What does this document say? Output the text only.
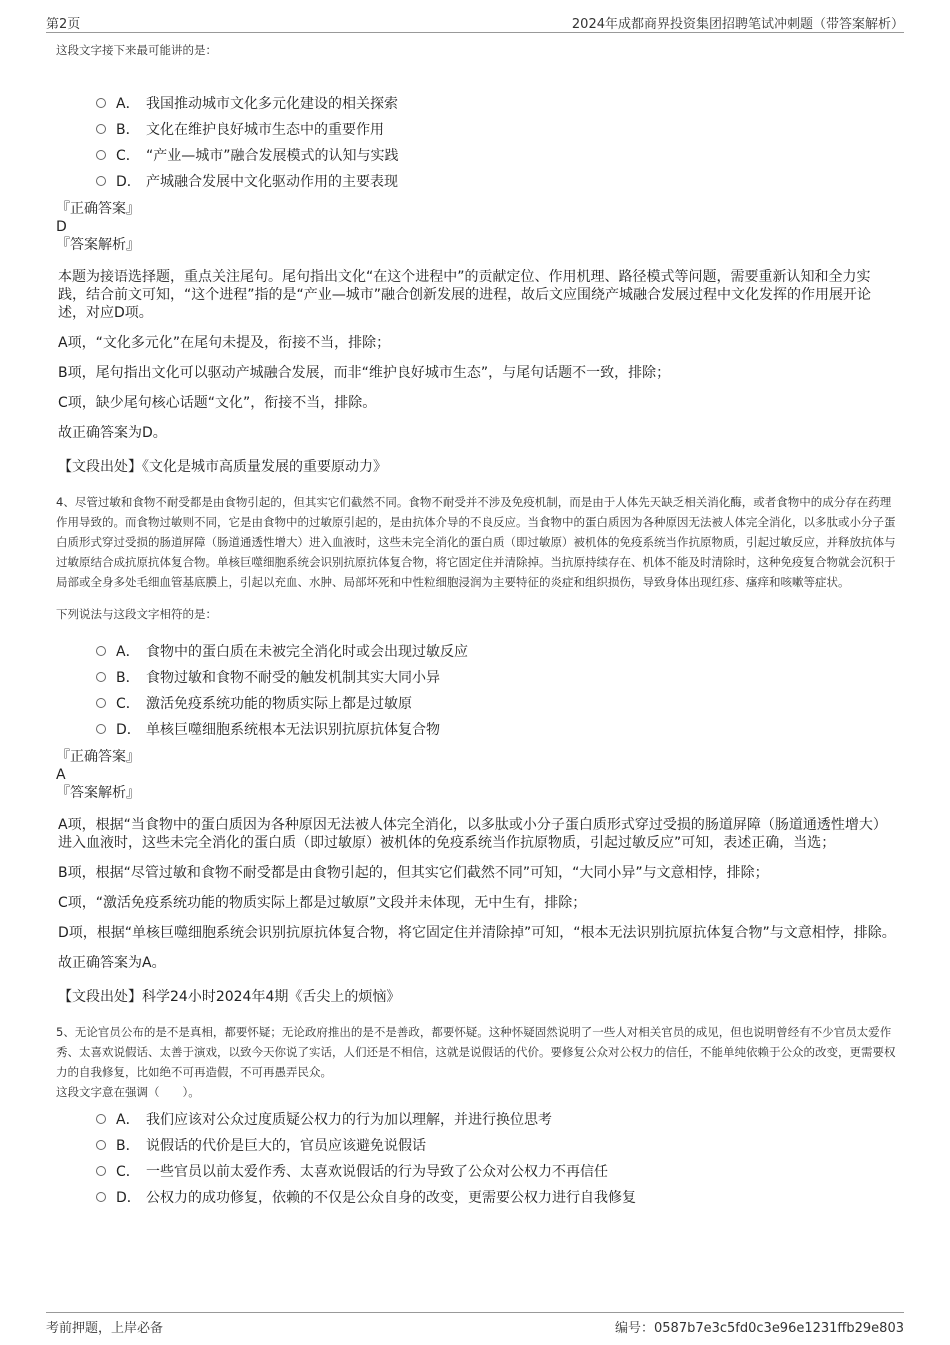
第2页	2024年成都商界投资集团招聘笔试冲刺题（带答案解析）

这段文字接下来最可能讲的是：

A． 我国推动城市文化多元化建设的相关探索
B． 文化在维护良好城市生态中的重要作用
C． “产业—城市”融合发展模式的认知与实践
D． 产城融合发展中文化驱动作用的主要表现

『正确答案』

D

『答案解析』

本题为接语选择题，重点关注尾句。尾句指出文化“在这个进程中”的贡献定位、作用机理、路径模式等问题，需要重新认知和全力实践，结合前文可知，“这个进程”指的是“产业—城市”融合创新发展的进程，故后文应围绕产城融合发展过程中文化发挥的作用展开论述，对应D项。

A项，“文化多元化”在尾句未提及，衔接不当，排除；

B项，尾句指出文化可以驱动产城融合发展，而非“维护良好城市生态”，与尾句话题不一致，排除；

C项，缺少尾句核心话题“文化”，衔接不当，排除。

故正确答案为D。

【文段出处】《文化是城市高质量发展的重要原动力》

4、尽管过敏和食物不耐受都是由食物引起的，但其实它们截然不同。食物不耐受并不涉及免疫机制，而是由于人体先天缺乏相关消化酶，或者食物中的成分存在药理作用导致的。而食物过敏则不同，它是由食物中的过敏原引起的，是由抗体介导的不良反应。当食物中的蛋白质因为各种原因无法被人体完全消化，以多肽或小分子蛋白质形式穿过受损的肠道屏障（肠道通透性增大）进入血液时，这些未完全消化的蛋白质（即过敏原）被机体的免疫系统当作抗原物质，引起过敏反应，并释放抗体与过敏原结合成抗原抗体复合物。单核巨噬细胞系统会识别抗原抗体复合物，将它固定住并清除掉。当抗原持续存在、机体不能及时清除时，这种免疫复合物就会沉积于局部或全身多处毛细血管基底膜上，引起以充血、水肿、局部坏死和中性粒细胞浸润为主要特征的炎症和组织损伤，导致身体出现红疹、瘙痒和咳嗽等症状。

下列说法与这段文字相符的是：

A． 食物中的蛋白质在未被完全消化时或会出现过敏反应
B． 食物过敏和食物不耐受的触发机制其实大同小异
C． 激活免疫系统功能的物质实际上都是过敏原
D． 单核巨噬细胞系统根本无法识别抗原抗体复合物

『正确答案』

A

『答案解析』

A项，根据“当食物中的蛋白质因为各种原因无法被人体完全消化，以多肽或小分子蛋白质形式穿过受损的肠道屏障（肠道通透性增大）进入血液时，这些未完全消化的蛋白质（即过敏原）被机体的免疫系统当作抗原物质，引起过敏反应”可知，表述正确，当选；

B项，根据“尽管过敏和食物不耐受都是由食物引起的，但其实它们截然不同”可知，“大同小异”与文意相悖，排除；

C项，“激活免疫系统功能的物质实际上都是过敏原”文段并未体现，无中生有，排除；

D项，根据“单核巨噬细胞系统会识别抗原抗体复合物，将它固定住并清除掉”可知，“根本无法识别抗原抗体复合物”与文意相悖，排除。

故正确答案为A。

【文段出处】科学24小时2024年4期《舌尖上的烦恼》

5、无论官员公布的是不是真相，都要怀疑；无论政府推出的是不是善政，都要怀疑。这种怀疑固然说明了一些人对相关官员的成见，但也说明曾经有不少官员太爱作秀、太喜欢说假话、太善于演戏，以致今天你说了实话，人们还是不相信，这就是说假话的代价。要修复公众对公权力的信任，不能单纯依赖于公众的改变，更需要权力的自我修复，比如绝不可再造假，不可再愚弄民众。

这段文字意在强调（　　）。

A． 我们应该对公众过度质疑公权力的行为加以理解，并进行换位思考
B． 说假话的代价是巨大的，官员应该避免说假话
C． 一些官员以前太爱作秀、太喜欢说假话的行为导致了公众对公权力不再信任
D． 公权力的成功修复，依赖的不仅是公众自身的改变，更需要公权力进行自我修复
考前押题，上岸必备	编号：0587b7e3c5fd0c3e96e1231ffb29e803
